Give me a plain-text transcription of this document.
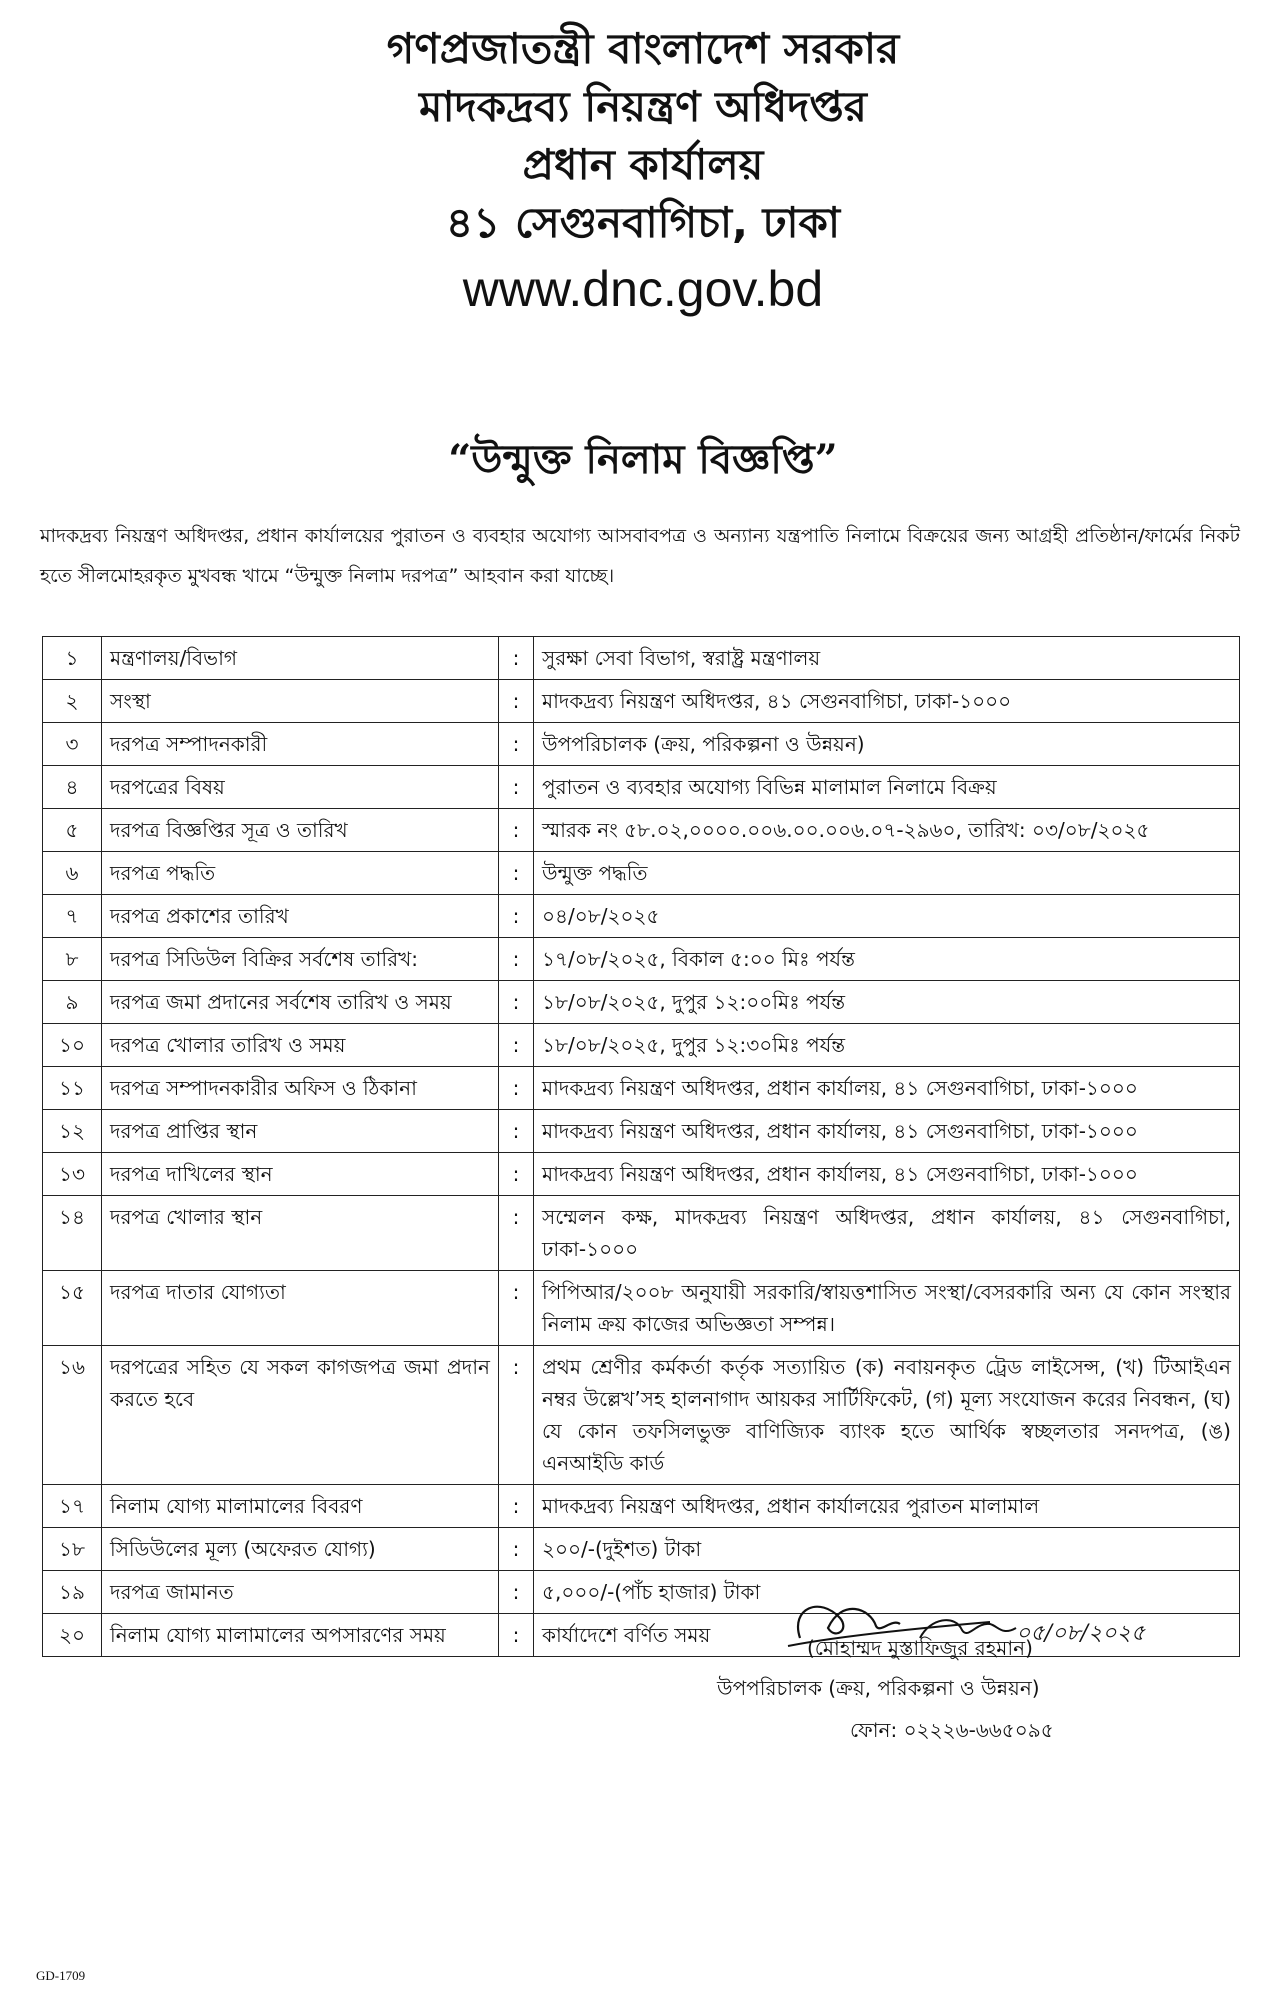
গণপ্রজাতন্ত্রী বাংলাদেশ সরকার
মাদকদ্রব্য নিয়ন্ত্রণ অধিদপ্তর
প্রধান কার্যালয়
৪১ সেগুনবাগিচা, ঢাকা
www.dnc.gov.bd
“উন্মুক্ত নিলাম বিজ্ঞপ্তি”
মাদকদ্রব্য নিয়ন্ত্রণ অধিদপ্তর, প্রধান কার্যালয়ের পুরাতন ও ব্যবহার অযোগ্য আসবাবপত্র ও অন্যান্য যন্ত্রপাতি নিলামে বিক্রয়ের জন্য আগ্রহী প্রতিষ্ঠান/ফার্মের নিকট হতে সীলমোহরকৃত মুখবন্ধ খামে “উন্মুক্ত নিলাম দরপত্র” আহবান করা যাচ্ছে।
১	মন্ত্রণালয়/বিভাগ	:	সুরক্ষা সেবা বিভাগ, স্বরাষ্ট্র মন্ত্রণালয়
২	সংস্থা	:	মাদকদ্রব্য নিয়ন্ত্রণ অধিদপ্তর, ৪১ সেগুনবাগিচা, ঢাকা-১০০০
৩	দরপত্র সম্পাদনকারী	:	উপপরিচালক (ক্রয়, পরিকল্পনা ও উন্নয়ন)
৪	দরপত্রের বিষয়	:	পুরাতন ও ব্যবহার অযোগ্য বিভিন্ন মালামাল নিলামে বিক্রয়
৫	দরপত্র বিজ্ঞপ্তির সূত্র ও তারিখ	:	স্মারক নং ৫৮.০২,০০০০.০০৬.০০.০০৬.০৭-২৯৬০, তারিখ: ০৩/০৮/২০২৫
৬	দরপত্র পদ্ধতি	:	উন্মুক্ত পদ্ধতি
৭	দরপত্র প্রকাশের তারিখ	:	০৪/০৮/২০২৫
৮	দরপত্র সিডিউল বিক্রির সর্বশেষ তারিখ:	:	১৭/০৮/২০২৫, বিকাল ৫:০০ মিঃ পর্যন্ত
৯	দরপত্র জমা প্রদানের সর্বশেষ তারিখ ও সময়	:	১৮/০৮/২০২৫, দুপুর ১২:০০মিঃ পর্যন্ত
১০	দরপত্র খোলার তারিখ ও সময়	:	১৮/০৮/২০২৫, দুপুর ১২:৩০মিঃ পর্যন্ত
১১	দরপত্র সম্পাদনকারীর অফিস ও ঠিকানা	:	মাদকদ্রব্য নিয়ন্ত্রণ অধিদপ্তর, প্রধান কার্যালয়, ৪১ সেগুনবাগিচা, ঢাকা-১০০০
১২	দরপত্র প্রাপ্তির স্থান	:	মাদকদ্রব্য নিয়ন্ত্রণ অধিদপ্তর, প্রধান কার্যালয়, ৪১ সেগুনবাগিচা, ঢাকা-১০০০
১৩	দরপত্র দাখিলের স্থান	:	মাদকদ্রব্য নিয়ন্ত্রণ অধিদপ্তর, প্রধান কার্যালয়, ৪১ সেগুনবাগিচা, ঢাকা-১০০০
১৪	দরপত্র খোলার স্থান	:	সম্মেলন কক্ষ, মাদকদ্রব্য নিয়ন্ত্রণ অধিদপ্তর, প্রধান কার্যালয়, ৪১ সেগুনবাগিচা, ঢাকা-১০০০
১৫	দরপত্র দাতার যোগ্যতা	:	পিপিআর/২০০৮ অনুযায়ী সরকারি/স্বায়ত্তশাসিত সংস্থা/বেসরকারি অন্য যে কোন সংস্থার নিলাম ক্রয় কাজের অভিজ্ঞতা সম্পন্ন।
১৬	দরপত্রের সহিত যে সকল কাগজপত্র জমা প্রদান করতে হবে	:	প্রথম শ্রেণীর কর্মকর্তা কর্তৃক সত্যায়িত (ক) নবায়নকৃত ট্রেড লাইসেন্স, (খ) টিআইএন নম্বর উল্লেখ’সহ হালনাগাদ আয়কর সার্টিফিকেট, (গ) মূল্য সংযোজন করের নিবন্ধন, (ঘ) যে কোন তফসিলভুক্ত বাণিজ্যিক ব্যাংক হতে আর্থিক স্বচ্ছলতার সনদপত্র, (ঙ) এনআইডি কার্ড
১৭	নিলাম যোগ্য মালামালের বিবরণ	:	মাদকদ্রব্য নিয়ন্ত্রণ অধিদপ্তর, প্রধান কার্যালয়ের পুরাতন মালামাল
১৮	সিডিউলের মূল্য (অফেরত যোগ্য)	:	২০০/-(দুইশত) টাকা
১৯	দরপত্র জামানত	:	৫,০০০/-(পাঁচ হাজার) টাকা
২০	নিলাম যোগ্য মালামালের অপসারণের সময়	:	কার্যাদেশে বর্ণিত সময়	০৫/০৮/২০২৫
(মোহাম্মদ মুস্তাফিজুর রহমান)
উপপরিচালক (ক্রয়, পরিকল্পনা ও উন্নয়ন)
ফোন: ০২২২৬-৬৬৫০৯৫
GD-1709
